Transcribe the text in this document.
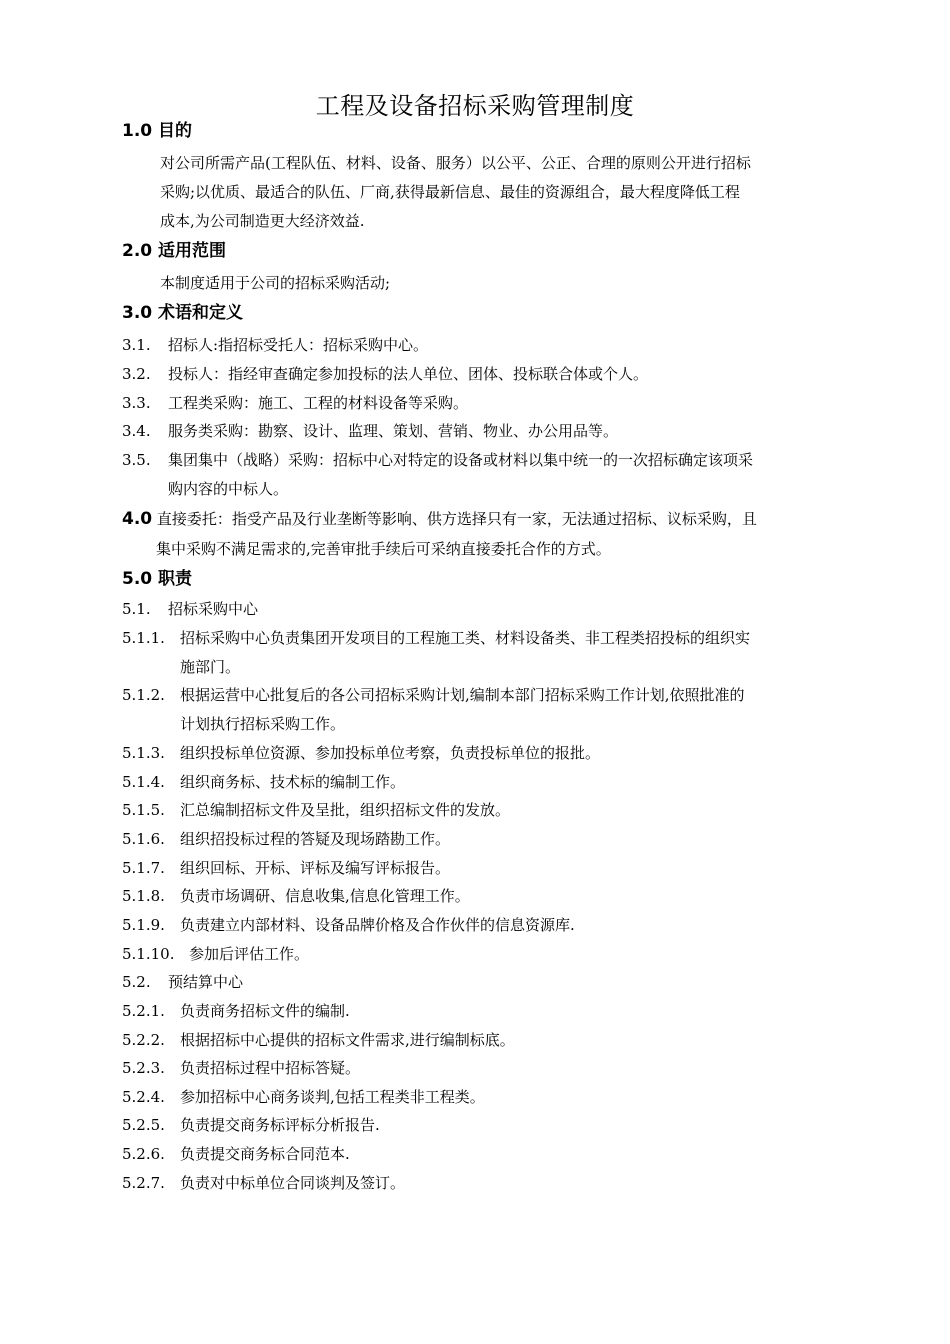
工程及设备招标采购管理制度
1.0 目的
对公司所需产品(工程队伍、材料、设备、服务）以公平、公正、合理的原则公开进行招标
采购;以优质、最适合的队伍、厂商,获得最新信息、最佳的资源组合，最大程度降低工程
成本,为公司制造更大经济效益.
2.0 适用范围
本制度适用于公司的招标采购活动;
3.0 术语和定义
3.1. 招标人:指招标受托人：招标采购中心。
3.2. 投标人：指经审查确定参加投标的法人单位、团体、投标联合体或个人。
3.3. 工程类采购：施工、工程的材料设备等采购。
3.4. 服务类采购：勘察、设计、监理、策划、营销、物业、办公用品等。
3.5. 集团集中（战略）采购：招标中心对特定的设备或材料以集中统一的一次招标确定该项采
购内容的中标人。
4.0 直接委托：指受产品及行业垄断等影响、供方选择只有一家，无法通过招标、议标采购，且
集中采购不满足需求的,完善审批手续后可采纳直接委托合作的方式。
5.0 职责
5.1. 招标采购中心
5.1.1. 招标采购中心负责集团开发项目的工程施工类、材料设备类、非工程类招投标的组织实
施部门。
5.1.2. 根据运营中心批复后的各公司招标采购计划,编制本部门招标采购工作计划,依照批准的
计划执行招标采购工作。
5.1.3. 组织投标单位资源、参加投标单位考察，负责投标单位的报批。
5.1.4. 组织商务标、技术标的编制工作。
5.1.5. 汇总编制招标文件及呈批，组织招标文件的发放。
5.1.6. 组织招投标过程的答疑及现场踏勘工作。
5.1.7. 组织回标、开标、评标及编写评标报告。
5.1.8. 负责市场调研、信息收集,信息化管理工作。
5.1.9. 负责建立内部材料、设备品牌价格及合作伙伴的信息资源库.
5.1.10. 参加后评估工作。
5.2. 预结算中心
5.2.1. 负责商务招标文件的编制.
5.2.2. 根据招标中心提供的招标文件需求,进行编制标底。
5.2.3. 负责招标过程中招标答疑。
5.2.4. 参加招标中心商务谈判,包括工程类非工程类。
5.2.5. 负责提交商务标评标分析报告.
5.2.6. 负责提交商务标合同范本.
5.2.7. 负责对中标单位合同谈判及签订。
